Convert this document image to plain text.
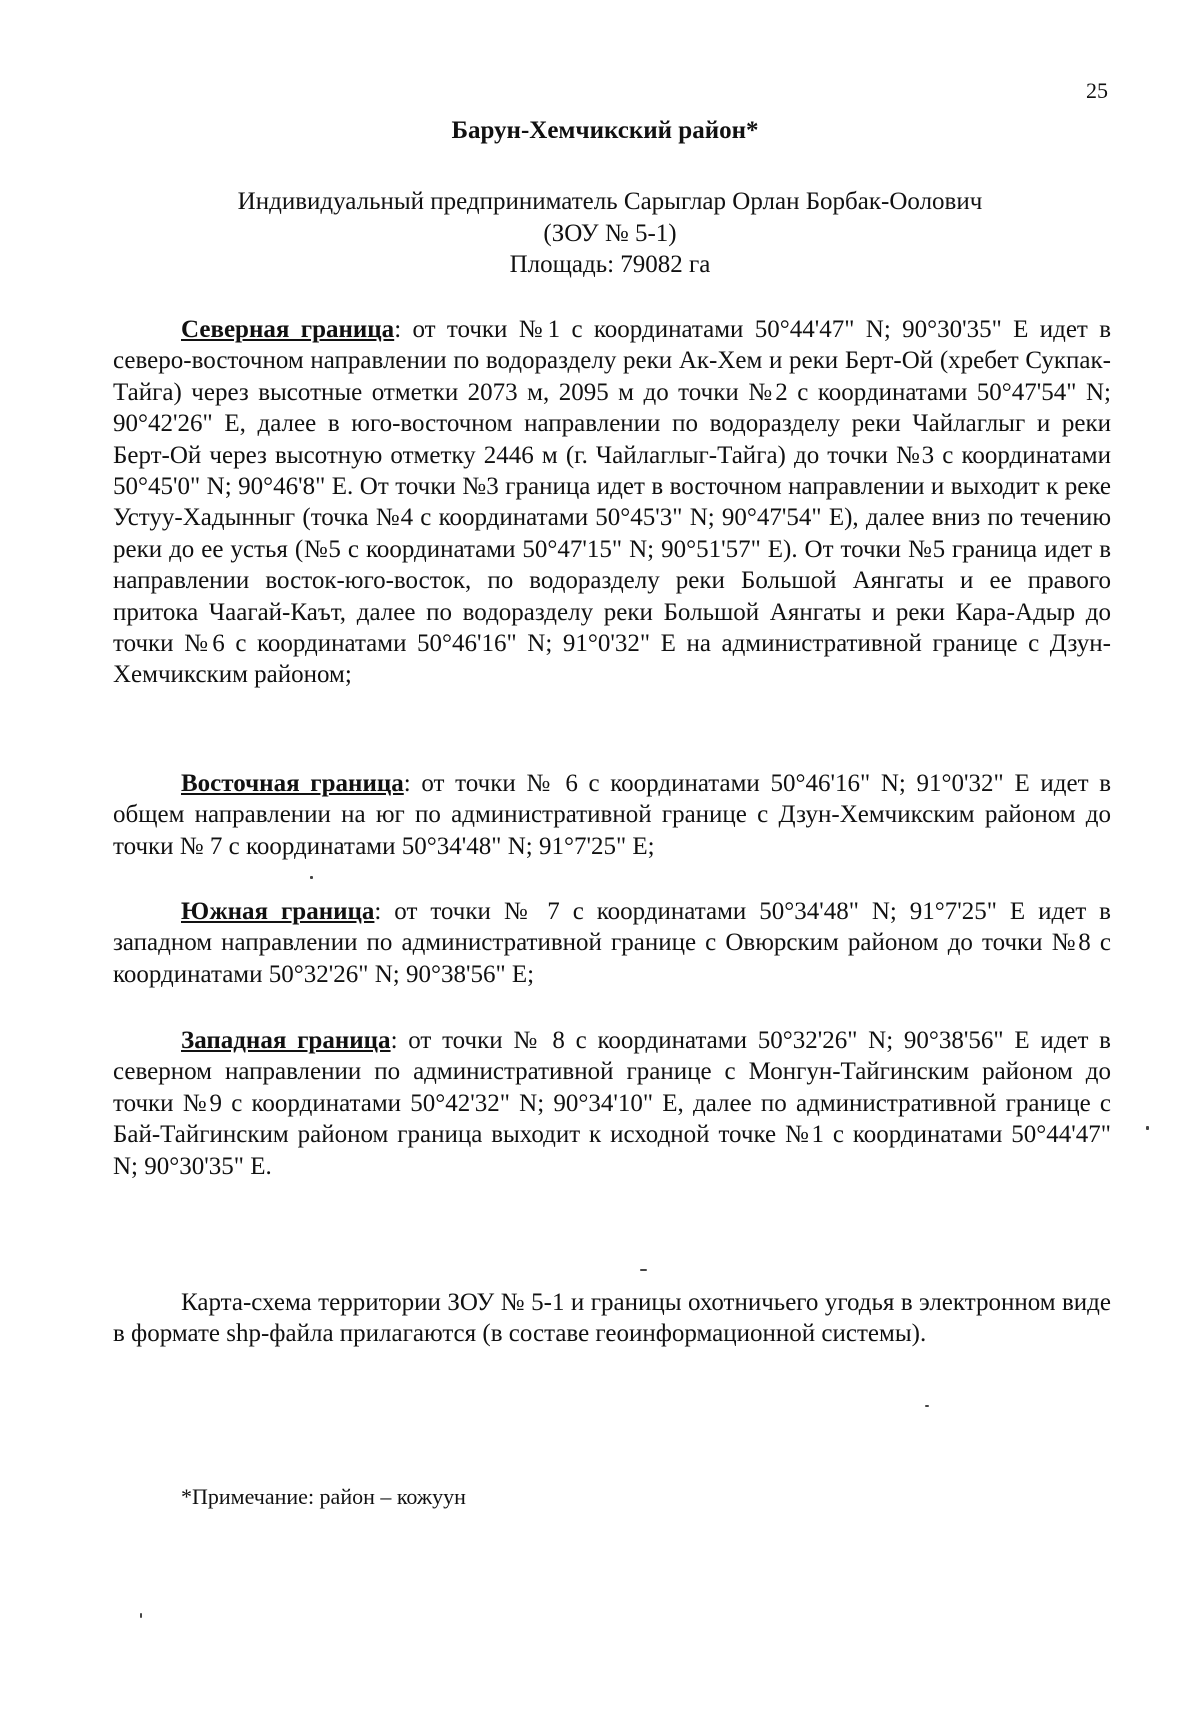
25
Барун-Хемчикский район*
Индивидуальный предприниматель Сарыглар Орлан Борбак-Оолович
(ЗОУ № 5-1)
Площадь: 79082 га

Северная граница: от точки №1 с координатами 50°44'47" N; 90°30'35" Е идет в северо-восточном направлении по водоразделу реки Ак-Хем и реки Берт-Ой (хребет Сукпак-Тайга) через высотные отметки 2073 м, 2095 м до точки №2 с координатами 50°47'54" N; 90°42'26" Е, далее в юго-восточном направлении по водоразделу реки Чайлаглыг и реки Берт-Ой через высотную отметку 2446 м (г. Чайлаглыг-Тайга) до точки №3 с координатами 50°45'0" N; 90°46'8" Е. От точки №3 граница идет в восточном направлении и выходит к реке Устуу-Хадынныг (точка №4 с координатами 50°45'3" N; 90°47'54" Е), далее вниз по течению реки до ее устья (№5 с координатами 50°47'15" N; 90°51'57" Е). От точки №5 граница идет в направлении восток-юго-восток, по водоразделу реки Большой Аянгаты и ее правого притока Чаагай-Каът, далее по водоразделу реки Большой Аянгаты и реки Кара-Адыр до точки №6 с координатами 50°46'16" N; 91°0'32" Е на административной границе с Дзун-Хемчикским районом;

Восточная граница: от точки № 6 с координатами 50°46'16" N; 91°0'32" Е идет в общем направлении на юг по административной границе с Дзун-Хемчикским районом до точки № 7 с координатами 50°34'48" N; 91°7'25" Е;

Южная граница: от точки № 7 с координатами 50°34'48" N; 91°7'25" Е идет в западном направлении по административной границе с Овюрским районом до точки №8 с координатами 50°32'26" N; 90°38'56" Е;

Западная граница: от точки № 8 с координатами 50°32'26" N; 90°38'56" Е идет в северном направлении по административной границе с Монгун-Тайгинским районом до точки №9 с координатами 50°42'32" N; 90°34'10" Е, далее по административной границе с Бай-Тайгинским районом граница выходит к исходной точке №1 с координатами 50°44'47" N; 90°30'35" Е.

Карта-схема территории ЗОУ № 5-1 и границы охотничьего угодья в электронном виде в формате shp-файла прилагаются (в составе геоинформационной системы).

*Примечание: район – кожуун
